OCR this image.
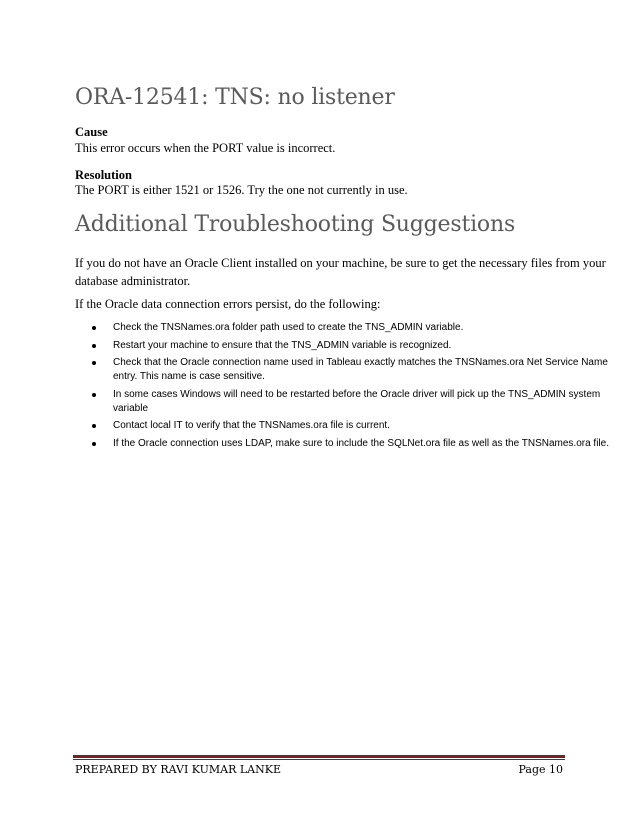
ORA-12541: TNS: no listener

Cause

This error occurs when the PORT value is incorrect.

Resolution

The PORT is either 1521 or 1526. Try the one not currently in use.

Additional Troubleshooting Suggestions

If you do not have an Oracle Client installed on your machine, be sure to get the necessary files from your database administrator.

If the Oracle data connection errors persist, do the following:

Check the TNSNames.ora folder path used to create the TNS_ADMIN variable.
Restart your machine to ensure that the TNS_ADMIN variable is recognized.
Check that the Oracle connection name used in Tableau exactly matches the TNSNames.ora Net Service Name entry. This name is case sensitive.
In some cases Windows will need to be restarted before the Oracle driver will pick up the TNS_ADMIN system variable
Contact local IT to verify that the TNSNames.ora file is current.
If the Oracle connection uses LDAP, make sure to include the SQLNet.ora file as well as the TNSNames.ora file.
PREPARED BY RAVI KUMAR LANKE	Page 10
